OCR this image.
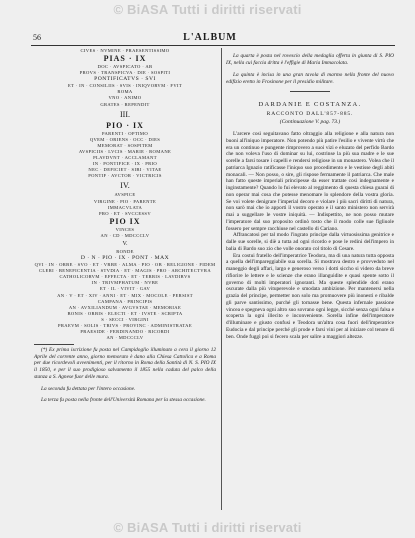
© BiASA Tutti i diritti riservati
56	L'ALBUM
CIVES · NVMINE · PRAESENTISSIMO
PIAS · IX
DOC · AVSPICATO · AB
PROVS · TRANSPICVA · DIE · SOSPITI
PONTIFICATVS · SVI
ET · IN · CONSILIIS · SVIS · INIQVORVM · FVIT
ROMA
VNO · ANIMO
GRATES · REPENDIT
III.
PIO · IX
PARENTI · OPTIMO
QVEM · ORIENS · OCC · DIES
MEMORAT · SOSPITEM
AVSPICIIS · LVCIS · MARIE · ROMANE
PLAVDVNT · ACCLAMANT
IN · PONTIFICE · IX · PRIO
NEC · DEFICIET · SIBI · VITAE
PONTIF · AVCTOR · VICTRICIS
IV.
AVSPICE
VIRGINE · PIO · PARENTE
IMMACVLATA
PRO · ET · SVCCESSV
PIO IX
VINCES
AN · CD · MDCCCLV
V.
RONDE
D · N · PIO · IX · PONT · MAX
QVI · IN · ORBE · SVO · ET · VRBE · ALMA · PIO · OB · RELIGIONE · FIDEM
CLERI · BENEFICENTIA · STVDIA · ET · MAGIS · PRO · ARCHITECTVRA
CATHOLICORVM · EFFECTA · ET · TERRIS · LAVDIBVS
IN · TRIVMPHATUM · NVBE
ET · IL · VIVIT · GAV
AN · V · ET · XIV · ANNI · ET · MIX · MOCOLE · PERSIST
CAMPANA · PRINCIPIS
AN · AVXILIANDUM · AVGVSTAE · MEMORIAE
BONIS · ORBIS · ELECTI · ET · IVSTE · SCRIPTA
S · SECCI · VIRGINI
PRAEVM · SOLIS · TRIVS · PROVINC · ADMINISTRATAE
PRAESIDE · FERDINANDO · RICORDI
AN · MDCCCLV

(*) Ex prima iscrizione fu posta nel Campidoglio illuminato a cera il giorno 12 Aprile del corrente anno, giorno memorato è dano alla Chiesa Cattolica e a Roma per due ricordevoli avvenimenti, per il ritorno in Roma della Santità di N. S. PIO IX il 1850, e per il suo prodigioso salvamento il 1855 nella caduta del palco della stanza a S. Agnese fuor delle mura.

La seconda fu dettata per l'intero occasione.

La terza fu posta nella fronte dell'Università Romana per la stessa occasione.

La quarta è posta nel rovescio della medaglia offerta in giunta di S. PIO IX, nella cui faccia dritta è l'effigie di Maria Immacolata.

La quinta è incisa in una gran tavola di marmo nella fronte del nuovo edifizio eretto in Frosinone per il presidio militare.

DARDANIE E COSTANZA.
RACCONTO DALL'857-885.
(Continuazione V. pag. 73.)

L'arcere così seguitavano fatto oltraggio alla religione e alla natura non buoni all'iniquo imperatore. Non potendo più patire l'esilio e vivente virtù che era un continuo e pungente rimprovero a suoi vizi e eluzato del perfido Bardo che non voleva l'uso di dominar su lui, costrinse la più sua madre e le sue sorelle a farsi tosare i capelli e rendersi religiose in un monastero. Volea che il patriarca Ignazio ratificasse l'iniquo suo procedimento e le vestisse degli abiti monacali. — Non posso, o sire, gli rispose fermamente il patriarca. Che male han fatto queste imperiali principesse da esser trattate così indegnamente e inginstamente? Quando lo fui elevato al reggimento di questa chiesa guarai di non operar mai cosa che potesse menomare lo splendore della vostra gloria. Se voi volete denigrare l'imperial decoro e violare i più sacri diritti di natura, non sarò mai che io apporti il vostro operato e il santo ministero non servirà mai a suggellare le vostre iniquità. — Indispettito, ne non posso mutare l'imperatore dal suo proposito ordinò tosto che il modo colle sue figliuole fossero per sempre racchiuse nel castello di Cariano.

Affrancatosi per tal modo l'ingrato principe dalla virtuosissima genitrice e dalle sue sorelle, si diè a tutta ad ogni ricordo e pose le redini dell'impero in balia di Bardo suo zio che volle onorato col titolo di Cesare.

Era costui fratello dell'imperatrice Teodora, ma di una natura tutta opposta a quella dell'impareggiabile sua sorella. Si mostrava destro e provveduto nel maneggio degli affari, largo e generoso verso i dotti siccho si videro da breve rifiorire le lettere e le scienze che erano illanguidite e quasi spente sotto il governo di molti imperatori ignoranti. Ma queste splendide doti erano oscurate dalla più vituperevole e smodata ambizione. Per mantenersi nella grazia del principe, permetter non solo ma promuovere più inonesti e ribalde gli parve santissimo, purché gli tornasse bene. Questa infernale passione vincea e spegneva ogni altro suo sovrano ogni legge, sicché senza ogni falsa e scoperta la ogni illecito e inconveniente. Sorella infine dell'imperatore d'illuminare e giusto confusi e Teodora un'altra cosa fuori dell'imperatrice Eudocia e dal principe perché gli prode e farsi vini per al iniziare col tenore di ben. Onde fuggì poi si fecero scala per salire a maggiori altezze.

© BiASA Tutti i diritti riservati
